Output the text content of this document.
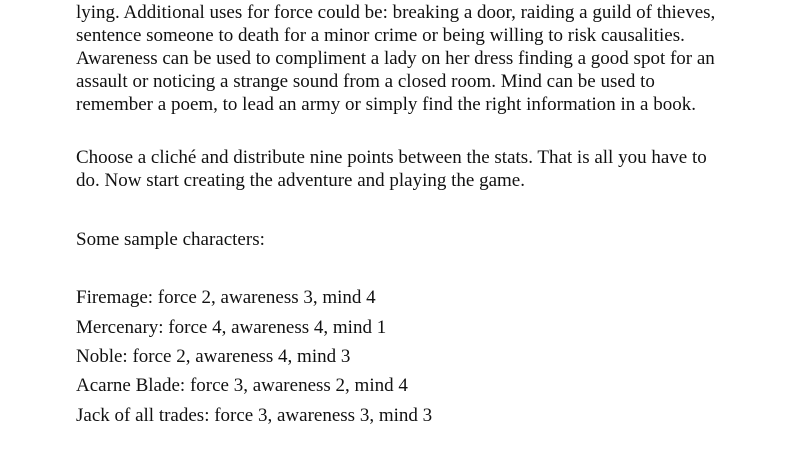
lying. Additional uses for force could be: breaking a door, raiding a guild of thieves,
sentence someone to death for a minor crime or being willing to risk causalities.
Awareness can be used to compliment a lady on her dress finding a good spot for an
assault or noticing a strange sound from a closed room. Mind can be used to
remember a poem, to lead an army or simply find the right information in a book.
Choose a cliché and distribute nine points between the stats. That is all you have to
do. Now start creating the adventure and playing the game.

Some sample characters:

Firemage: force 2, awareness 3, mind 4

Mercenary: force 4, awareness 4, mind 1

Noble: force 2, awareness 4, mind 3

Acarne Blade: force 3, awareness 2, mind 4

Jack of all trades: force 3, awareness 3, mind 3
